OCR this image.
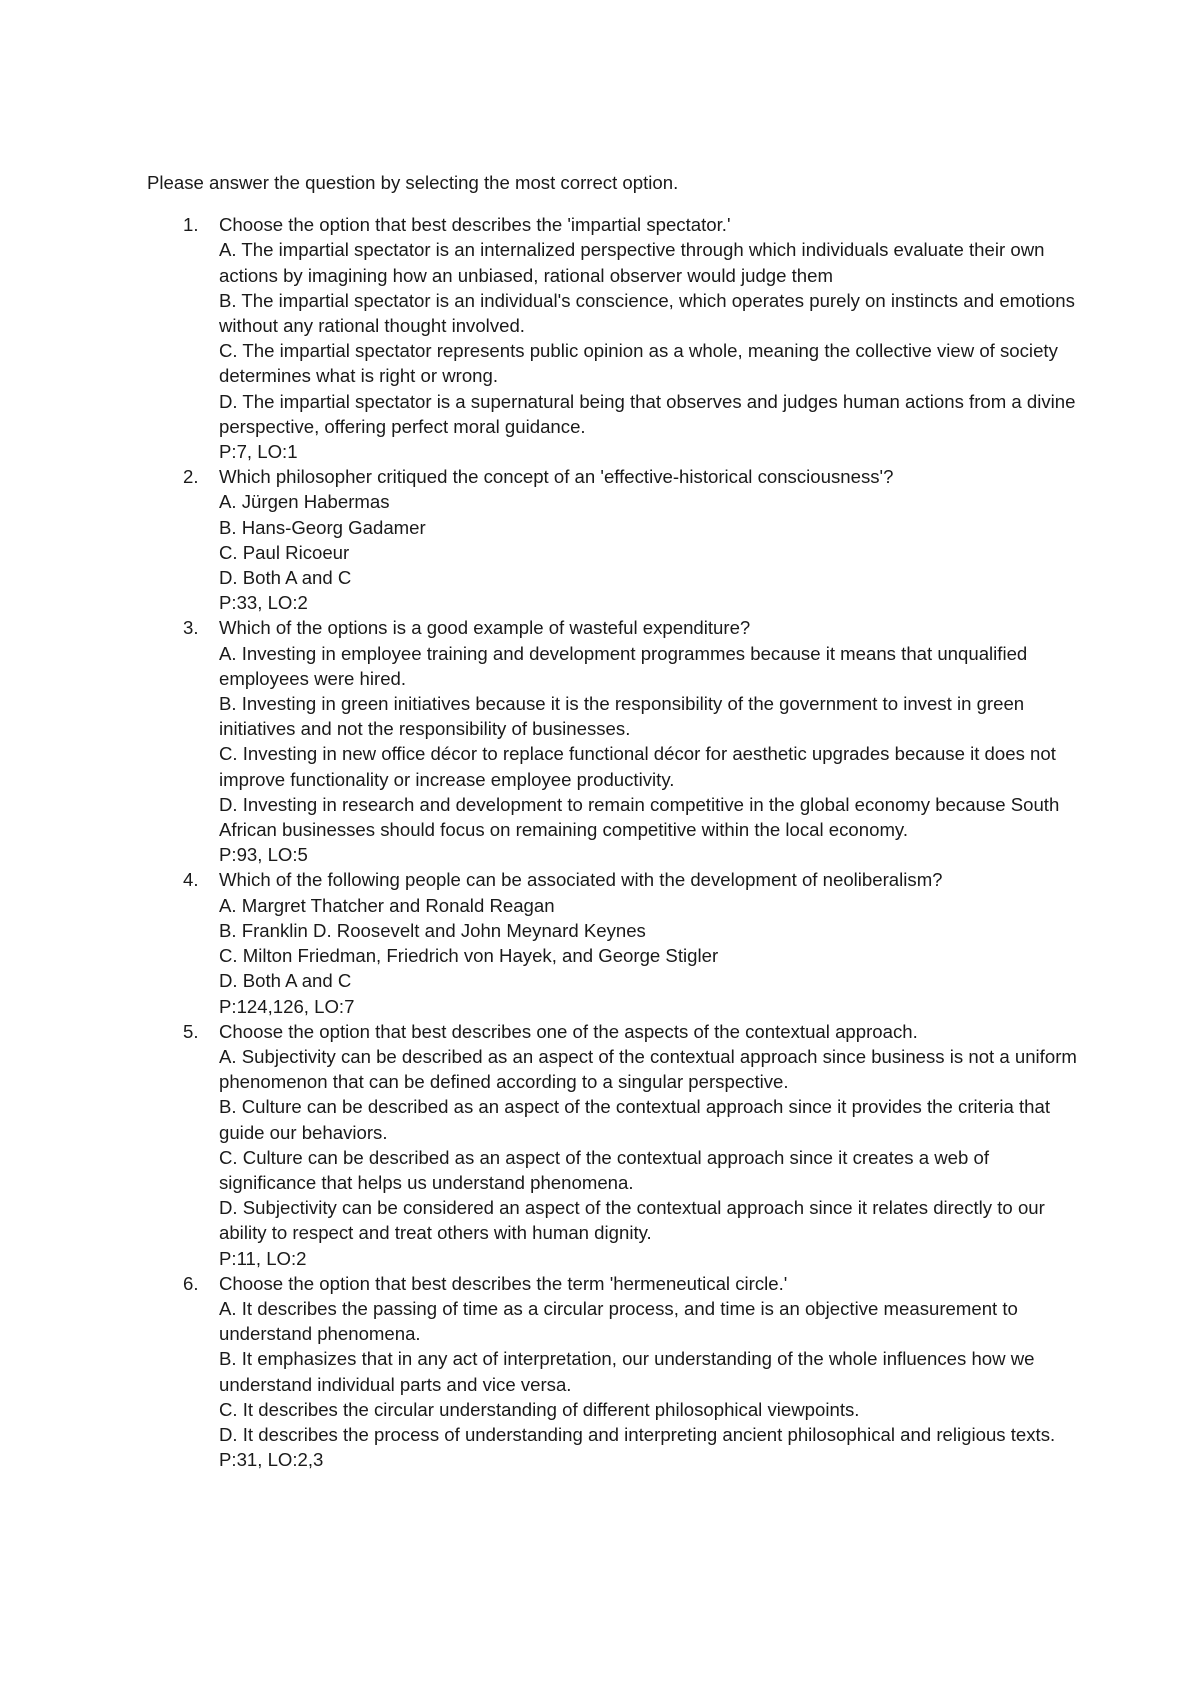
Please answer the question by selecting the most correct option.

1. Choose the option that best describes the 'impartial spectator.'
A. The impartial spectator is an internalized perspective through which individuals evaluate their own actions by imagining how an unbiased, rational observer would judge them
B. The impartial spectator is an individual's conscience, which operates purely on instincts and emotions without any rational thought involved.
C. The impartial spectator represents public opinion as a whole, meaning the collective view of society determines what is right or wrong.
D. The impartial spectator is a supernatural being that observes and judges human actions from a divine perspective, offering perfect moral guidance.
P:7, LO:1
2. Which philosopher critiqued the concept of an 'effective-historical consciousness'?
A. Jürgen Habermas
B. Hans-Georg Gadamer
C. Paul Ricoeur
D. Both A and C
P:33, LO:2
3. Which of the options is a good example of wasteful expenditure?
A. Investing in employee training and development programmes because it means that unqualified employees were hired.
B. Investing in green initiatives because it is the responsibility of the government to invest in green initiatives and not the responsibility of businesses.
C. Investing in new office décor to replace functional décor for aesthetic upgrades because it does not improve functionality or increase employee productivity.
D. Investing in research and development to remain competitive in the global economy because South African businesses should focus on remaining competitive within the local economy.
P:93, LO:5
4. Which of the following people can be associated with the development of neoliberalism?
A. Margret Thatcher and Ronald Reagan
B. Franklin D. Roosevelt and John Meynard Keynes
C. Milton Friedman, Friedrich von Hayek, and George Stigler
D. Both A and C
P:124,126, LO:7
5. Choose the option that best describes one of the aspects of the contextual approach.
A. Subjectivity can be described as an aspect of the contextual approach since business is not a uniform phenomenon that can be defined according to a singular perspective.
B. Culture can be described as an aspect of the contextual approach since it provides the criteria that guide our behaviors.
C. Culture can be described as an aspect of the contextual approach since it creates a web of significance that helps us understand phenomena.
D. Subjectivity can be considered an aspect of the contextual approach since it relates directly to our ability to respect and treat others with human dignity.
P:11, LO:2
6. Choose the option that best describes the term 'hermeneutical circle.'
A. It describes the passing of time as a circular process, and time is an objective measurement to understand phenomena.
B. It emphasizes that in any act of interpretation, our understanding of the whole influences how we understand individual parts and vice versa.
C. It describes the circular understanding of different philosophical viewpoints.
D. It describes the process of understanding and interpreting ancient philosophical and religious texts.
P:31, LO:2,3
